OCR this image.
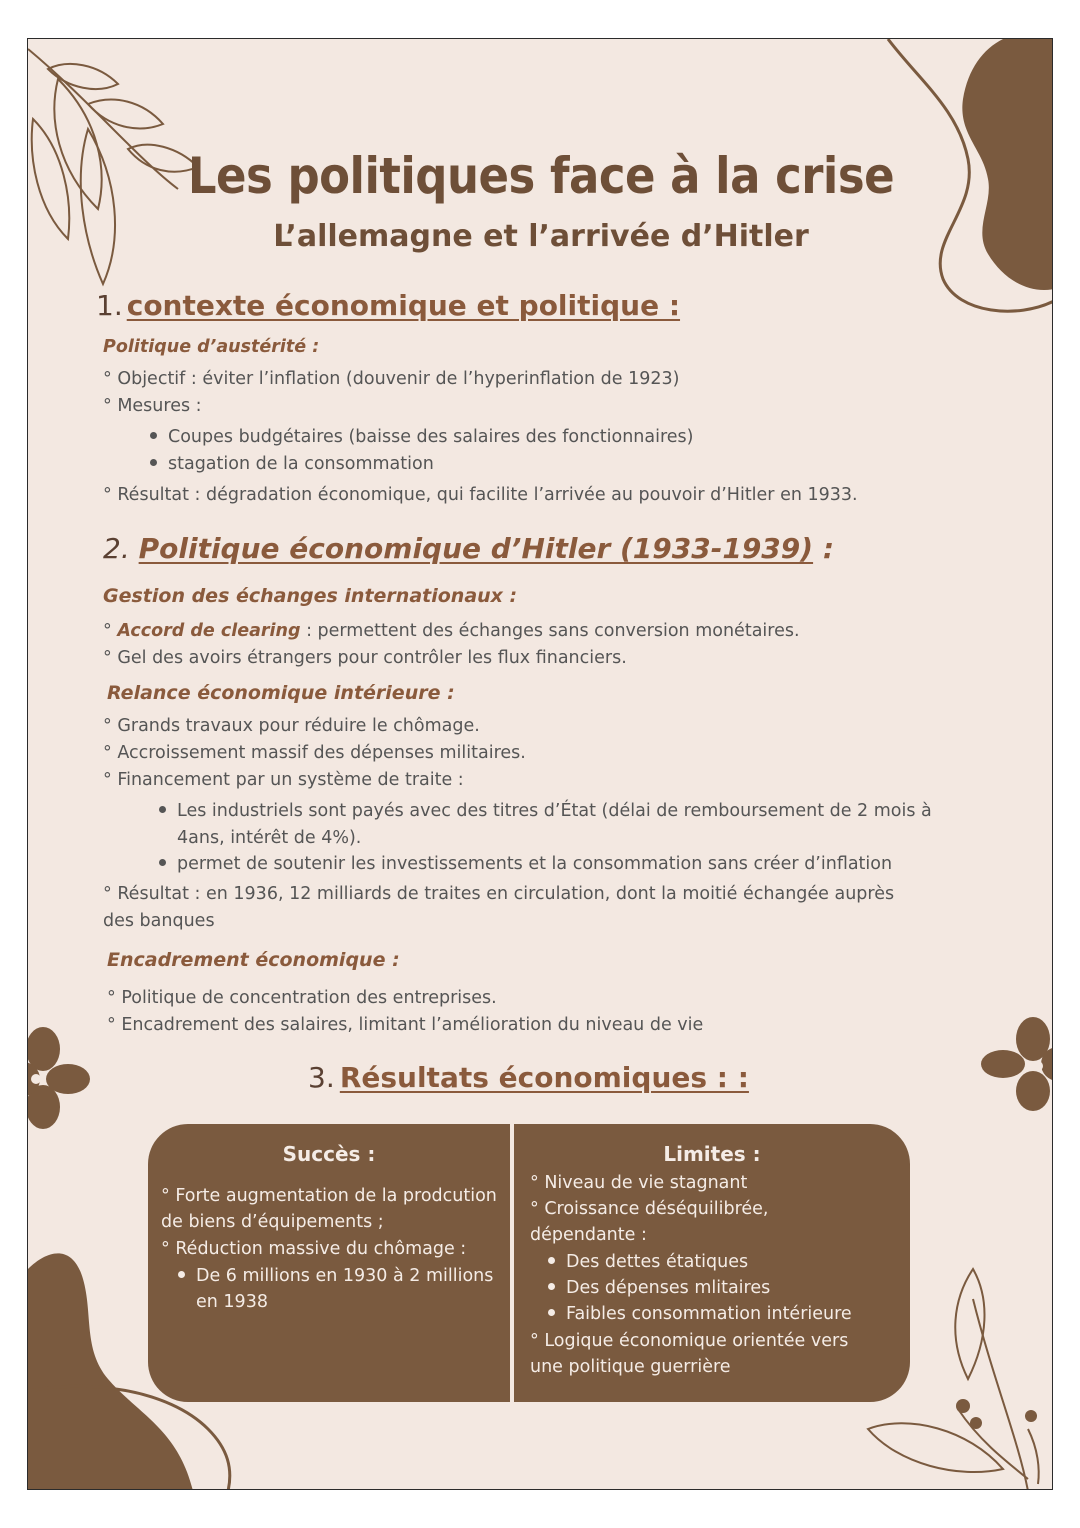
Les politiques face à la crise
L’allemagne et l’arrivée d’Hitler
1. contexte économique et politique :
Politique d’austérité :
° Objectif : éviter l’inflation (douvenir de l’hyperinflation de 1923)
° Mesures :
Coupes budgétaires (baisse des salaires des fonctionnaires)
stagation de la consommation
° Résultat : dégradation économique, qui facilite l’arrivée au pouvoir d’Hitler en 1933.
2. Politique économique d’Hitler (1933-1939) :
Gestion des échanges internationaux :
° Accord de clearing : permettent des échanges sans conversion monétaires.
° Gel des avoirs étrangers pour contrôler les flux financiers.
Relance économique intérieure :
° Grands travaux pour réduire le chômage.
° Accroissement massif des dépenses militaires.
° Financement par un système de traite :
Les industriels sont payés avec des titres d’État (délai de remboursement de 2 mois à
4ans, intérêt de 4%).
permet de soutenir les investissements et la consommation sans créer d’inflation
° Résultat : en 1936, 12 milliards de traites en circulation, dont la moitié échangée auprès
des banques
Encadrement économique :
° Politique de concentration des entreprises.
° Encadrement des salaires, limitant l’amélioration du niveau de vie
3. Résultats économiques : :
Succès :
° Forte augmentation de la prodcution
de biens d’équipements ;
° Réduction massive du chômage :
De 6 millions en 1930 à 2 millions
en 1938
Limites :
° Niveau de vie stagnant
° Croissance déséquilibrée,
dépendante :
Des dettes étatiques
Des dépenses mlitaires
Faibles consommation intérieure
° Logique économique orientée vers
une politique guerrière
